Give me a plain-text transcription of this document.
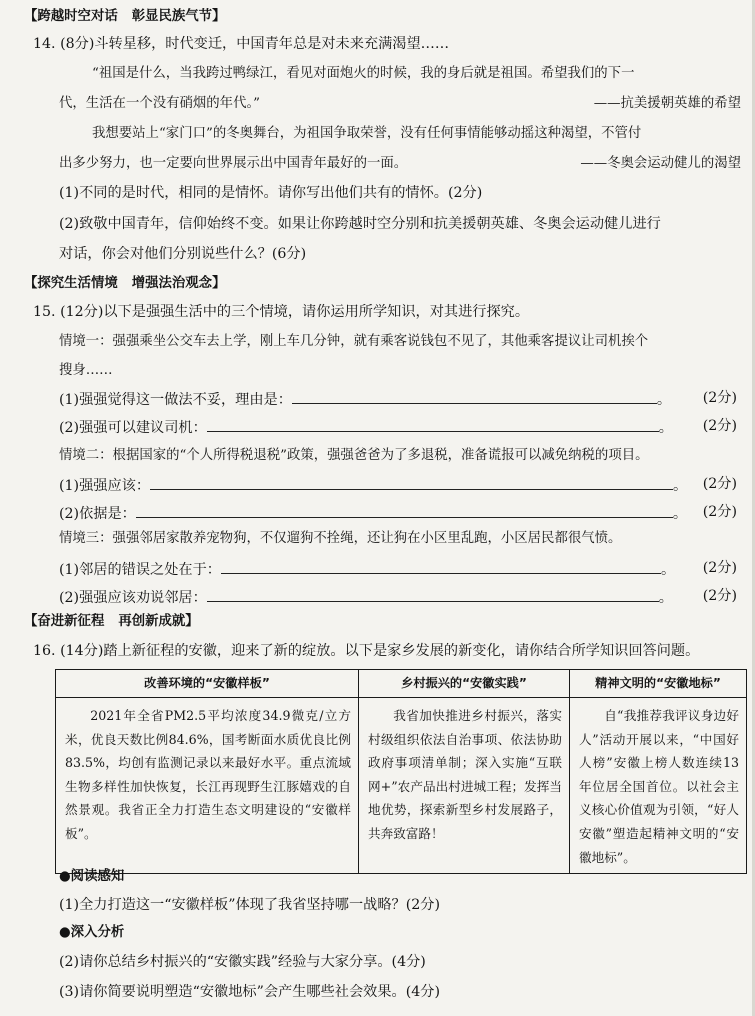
【跨越时空对话 彰显民族气节】
14. (8分)斗转星移，时代变迁，中国青年总是对未来充满渴望……
“祖国是什么，当我跨过鸭绿江，看见对面炮火的时候，我的身后就是祖国。希望我们的下一
代，生活在一个没有硝烟的年代。”	——抗美援朝英雄的希望
我想要站上“家门口”的冬奥舞台，为祖国争取荣誉，没有任何事情能够动摇这种渴望，不管付
出多少努力，也一定要向世界展示出中国青年最好的一面。	——冬奥会运动健儿的渴望
(1)不同的是时代，相同的是情怀。请你写出他们共有的情怀。(2分)
(2)致敬中国青年，信仰始终不变。如果让你跨越时空分别和抗美援朝英雄、冬奥会运动健儿进行
对话，你会对他们分别说些什么？(6分)
【探究生活情境 增强法治观念】
15. (12分)以下是强强生活中的三个情境，请你运用所学知识，对其进行探究。
情境一：强强乘坐公交车去上学，刚上车几分钟，就有乘客说钱包不见了，其他乘客提议让司机挨个
搜身……
(1)强强觉得这一做法不妥，理由是：	。 (2分)
(2)强强可以建议司机：	。 (2分)
情境二：根据国家的“个人所得税退税”政策，强强爸爸为了多退税，准备谎报可以减免纳税的项目。
(1)强强应该：	。 (2分)
(2)依据是：	。 (2分)
情境三：强强邻居家散养宠物狗，不仅遛狗不拴绳，还让狗在小区里乱跑，小区居民都很气愤。
(1)邻居的错误之处在于：	。 (2分)
(2)强强应该劝说邻居：	。 (2分)
【奋进新征程 再创新成就】
16. (14分)踏上新征程的安徽，迎来了新的绽放。以下是家乡发展的新变化，请你结合所学知识回答问题。
改善环境的“安徽样板”	乡村振兴的“安徽实践”	精神文明的“安徽地标”
2021年全省PM2.5平均浓度34.9微克/立方米，优良天数比例84.6%，国考断面水质优良比例83.5%，均创有监测记录以来最好水平。重点流域生物多样性加快恢复，长江再现野生江豚嬉戏的自然景观。我省正全力打造生态文明建设的“安徽样板”。	我省加快推进乡村振兴，落实村级组织依法自治事项、依法协助政府事项清单制；深入实施“互联网+”农产品出村进城工程；发挥当地优势，探索新型乡村发展路子，共奔致富路！	自“我推荐我评议身边好人”活动开展以来，“中国好人榜”安徽上榜人数连续13年位居全国首位。以社会主义核心价值观为引领，“好人安徽”塑造起精神文明的“安徽地标”。
●阅读感知
(1)全力打造这一“安徽样板”体现了我省坚持哪一战略？(2分)
●深入分析
(2)请你总结乡村振兴的“安徽实践”经验与大家分享。(4分)
(3)请你简要说明塑造“安徽地标”会产生哪些社会效果。(4分)
